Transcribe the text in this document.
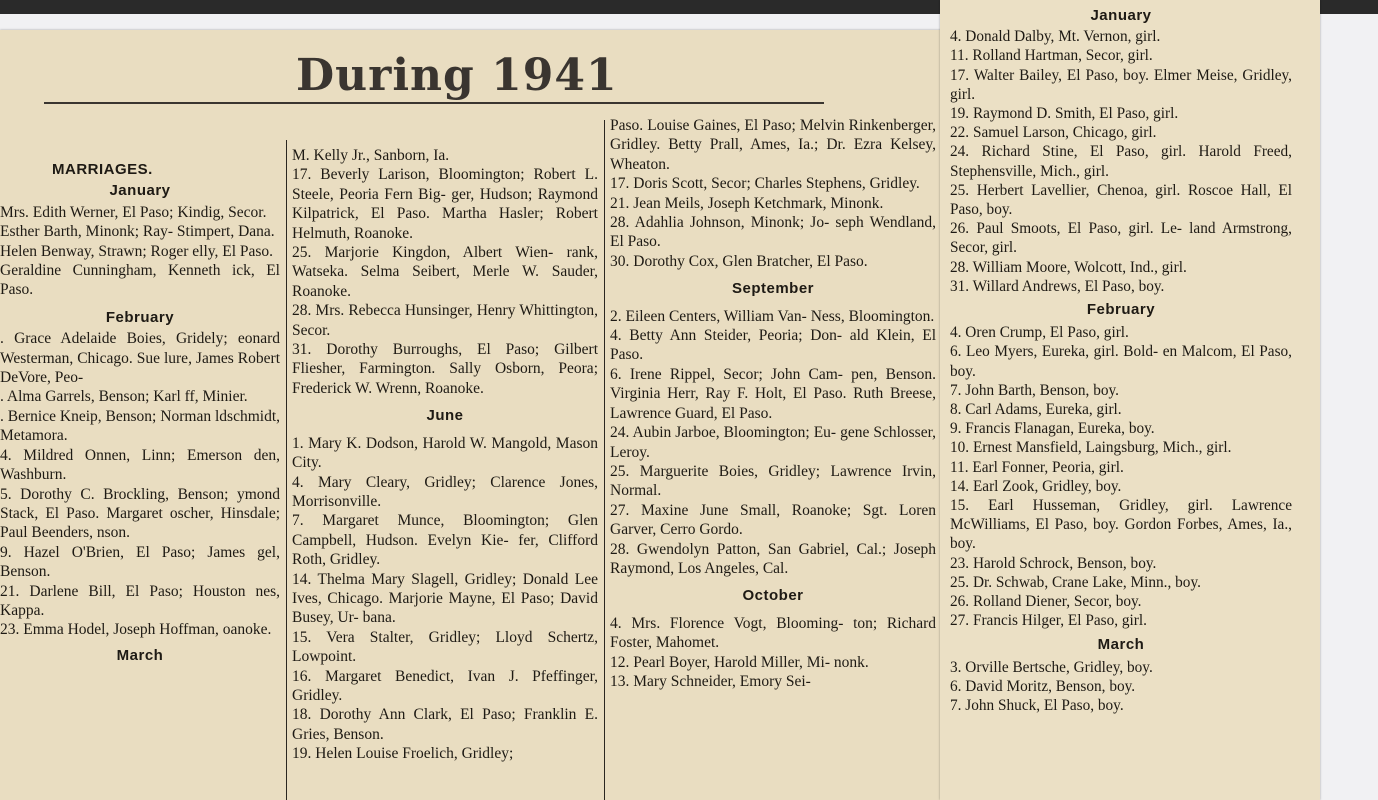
During 1941
MARRIAGES.
January

Mrs. Edith Werner, El Paso; Kindig, Secor.

Esther Barth, Minonk; Ray- Stimpert, Dana.

Helen Benway, Strawn; Roger elly, El Paso.

Geraldine Cunningham, Kenneth ick, El Paso.

February

. Grace Adelaide Boies, Gridely; eonard Westerman, Chicago. Sue lure, James Robert DeVore, Peo-

. Alma Garrels, Benson; Karl ff, Minier.

. Bernice Kneip, Benson; Norman ldschmidt, Metamora.

4. Mildred Onnen, Linn; Emerson den, Washburn.

5. Dorothy C. Brockling, Benson; ymond Stack, El Paso. Margaret oscher, Hinsdale; Paul Beenders, nson.

9. Hazel O'Brien, El Paso; James gel, Benson.

21. Darlene Bill, El Paso; Houston nes, Kappa.

23. Emma Hodel, Joseph Hoffman, oanoke.

March

M. Kelly Jr., Sanborn, Ia.

17. Beverly Larison, Bloomington; Robert L. Steele, Peoria Fern Big- ger, Hudson; Raymond Kilpatrick, El Paso. Martha Hasler; Robert Helmuth, Roanoke.

25. Marjorie Kingdon, Albert Wien- rank, Watseka. Selma Seibert, Merle W. Sauder, Roanoke.

28. Mrs. Rebecca Hunsinger, Henry Whittington, Secor.

31. Dorothy Burroughs, El Paso; Gilbert Fliesher, Farmington. Sally Osborn, Peora; Frederick W. Wrenn, Roanoke.

June

1. Mary K. Dodson, Harold W. Mangold, Mason City.

4. Mary Cleary, Gridley; Clarence Jones, Morrisonville.

7. Margaret Munce, Bloomington; Glen Campbell, Hudson. Evelyn Kie- fer, Clifford Roth, Gridley.

14. Thelma Mary Slagell, Gridley; Donald Lee Ives, Chicago. Marjorie Mayne, El Paso; David Busey, Ur- bana.

15. Vera Stalter, Gridley; Lloyd Schertz, Lowpoint.

16. Margaret Benedict, Ivan J. Pfeffinger, Gridley.

18. Dorothy Ann Clark, El Paso; Franklin E. Gries, Benson.

19. Helen Louise Froelich, Gridley;

Paso. Louise Gaines, El Paso; Melvin Rinkenberger, Gridley. Betty Prall, Ames, Ia.; Dr. Ezra Kelsey, Wheaton.

17. Doris Scott, Secor; Charles Stephens, Gridley.

21. Jean Meils, Joseph Ketchmark, Minonk.

28. Adahlia Johnson, Minonk; Jo- seph Wendland, El Paso.

30. Dorothy Cox, Glen Bratcher, El Paso.

September

2. Eileen Centers, William Van- Ness, Bloomington.

4. Betty Ann Steider, Peoria; Don- ald Klein, El Paso.

6. Irene Rippel, Secor; John Cam- pen, Benson. Virginia Herr, Ray F. Holt, El Paso. Ruth Breese, Lawrence Guard, El Paso.

24. Aubin Jarboe, Bloomington; Eu- gene Schlosser, Leroy.

25. Marguerite Boies, Gridley; Lawrence Irvin, Normal.

27. Maxine June Small, Roanoke; Sgt. Loren Garver, Cerro Gordo.

28. Gwendolyn Patton, San Gabriel, Cal.; Joseph Raymond, Los Angeles, Cal.

October

4. Mrs. Florence Vogt, Blooming- ton; Richard Foster, Mahomet.

12. Pearl Boyer, Harold Miller, Mi- nonk.

13. Mary Schneider, Emory Sei-

January

4. Donald Dalby, Mt. Vernon, girl.

11. Rolland Hartman, Secor, girl.

17. Walter Bailey, El Paso, boy. Elmer Meise, Gridley, girl.

19. Raymond D. Smith, El Paso, girl.

22. Samuel Larson, Chicago, girl.

24. Richard Stine, El Paso, girl. Harold Freed, Stephensville, Mich., girl.

25. Herbert Lavellier, Chenoa, girl. Roscoe Hall, El Paso, boy.

26. Paul Smoots, El Paso, girl. Le- land Armstrong, Secor, girl.

28. William Moore, Wolcott, Ind., girl.

31. Willard Andrews, El Paso, boy.

February

4. Oren Crump, El Paso, girl.

6. Leo Myers, Eureka, girl. Bold- en Malcom, El Paso, boy.

7. John Barth, Benson, boy.

8. Carl Adams, Eureka, girl.

9. Francis Flanagan, Eureka, boy.

10. Ernest Mansfield, Laingsburg, Mich., girl.

11. Earl Fonner, Peoria, girl.

14. Earl Zook, Gridley, boy.

15. Earl Husseman, Gridley, girl. Lawrence McWilliams, El Paso, boy. Gordon Forbes, Ames, Ia., boy.

23. Harold Schrock, Benson, boy.

25. Dr. Schwab, Crane Lake, Minn., boy.

26. Rolland Diener, Secor, boy.

27. Francis Hilger, El Paso, girl.

March

3. Orville Bertsche, Gridley, boy.

6. David Moritz, Benson, boy.

7. John Shuck, El Paso, boy.
